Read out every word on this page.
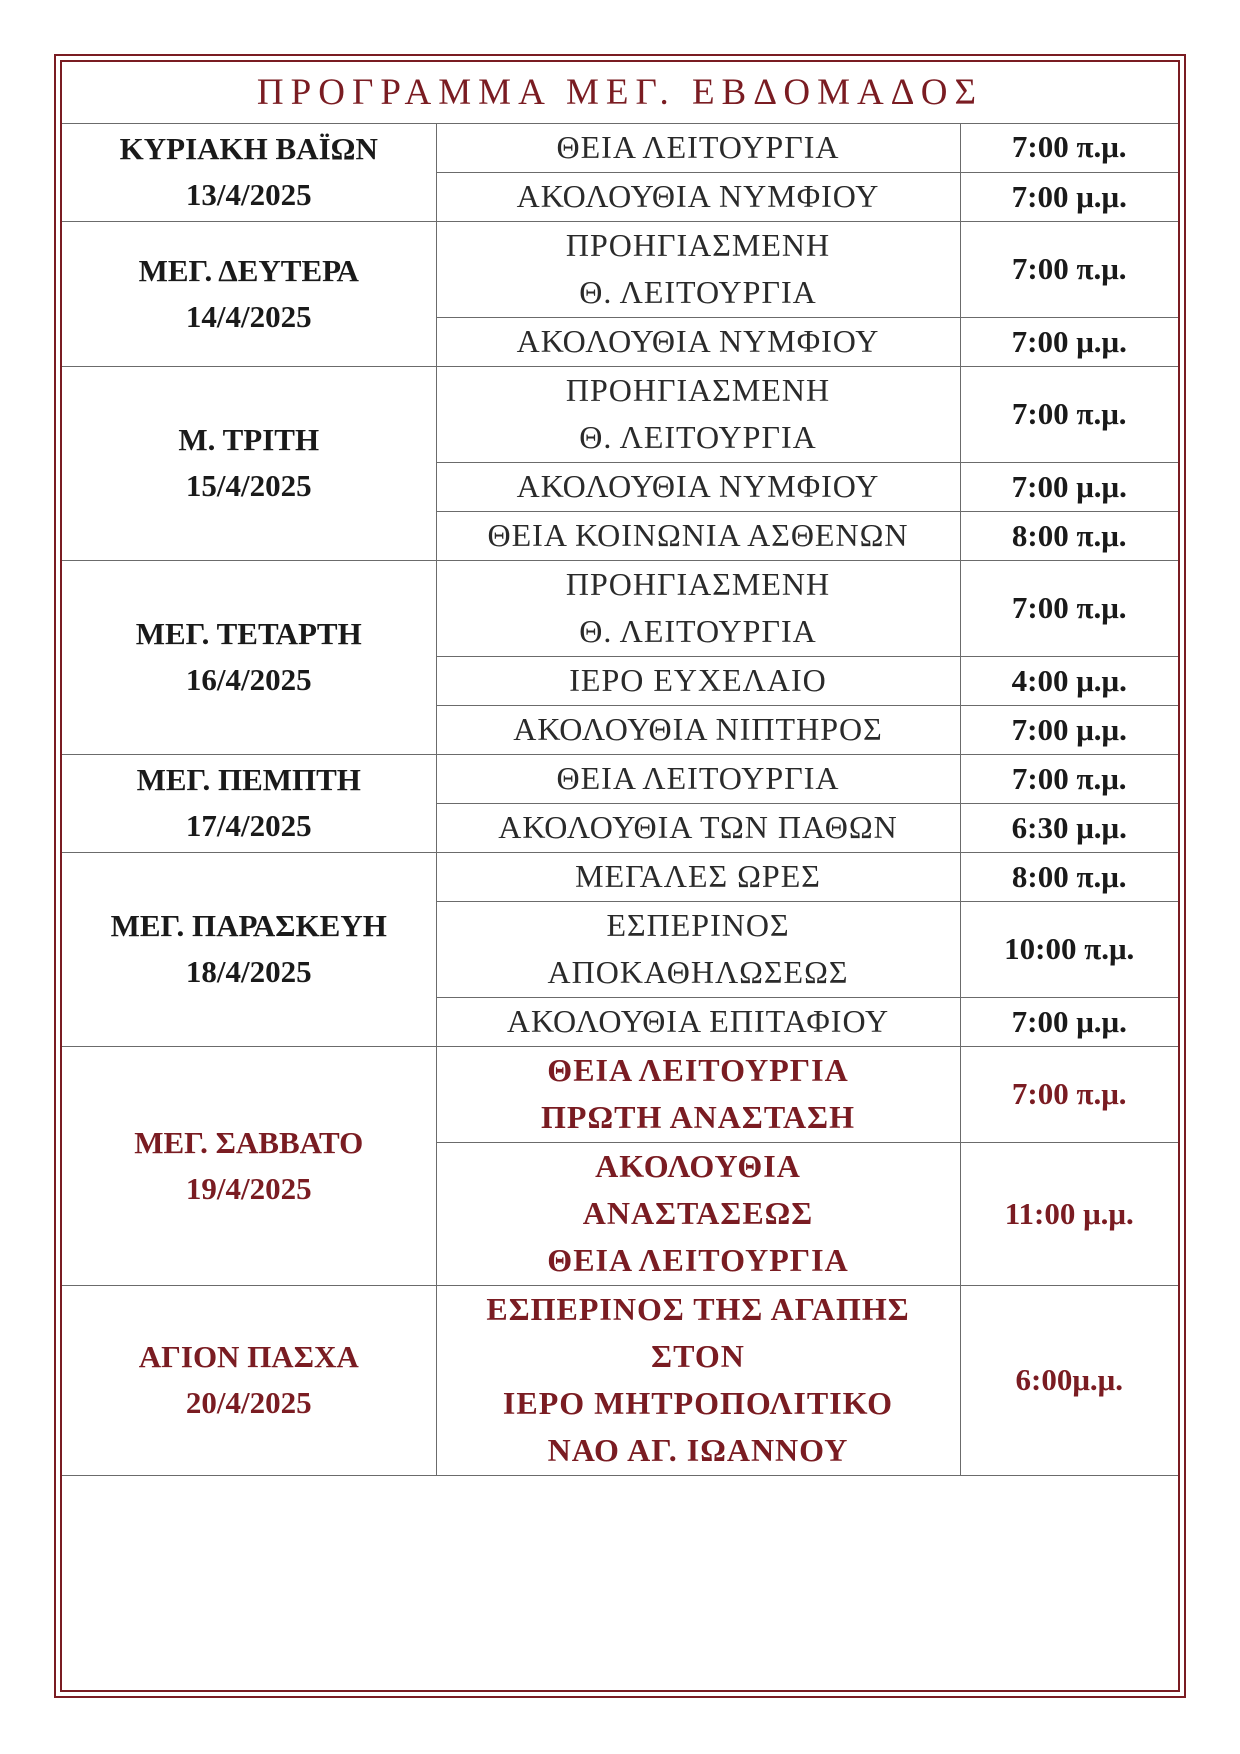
ΠΡΟΓΡΑΜΜΑ ΜΕΓ. ΕΒΔΟΜΑΔΟΣ
ΚΥΡΙΑΚΗ ΒΑΪΩΝ
13/4/2025	ΘΕΙΑ ΛΕΙΤΟΥΡΓΙΑ	7:00 π.μ.

	ΑΚΟΛΟΥΘΙΑ ΝΥΜΦΙΟΥ	7:00 μ.μ.

ΜΕΓ. ΔΕΥΤΕΡΑ
14/4/2025	ΠΡΟΗΓΙΑΣΜΕΝΗ
Θ. ΛΕΙΤΟΥΡΓΙΑ	7:00 π.μ.

	ΑΚΟΛΟΥΘΙΑ ΝΥΜΦΙΟΥ	7:00 μ.μ.

Μ. ΤΡΙΤΗ
15/4/2025	ΠΡΟΗΓΙΑΣΜΕΝΗ
Θ. ΛΕΙΤΟΥΡΓΙΑ	7:00 π.μ.

	ΑΚΟΛΟΥΘΙΑ ΝΥΜΦΙΟΥ	7:00 μ.μ.

	ΘΕΙΑ ΚΟΙΝΩΝΙΑ ΑΣΘΕΝΩΝ	8:00 π.μ.

ΜΕΓ. ΤΕΤΑΡΤΗ
16/4/2025	ΠΡΟΗΓΙΑΣΜΕΝΗ
Θ. ΛΕΙΤΟΥΡΓΙΑ	7:00 π.μ.

	ΙΕΡΟ ΕΥΧΕΛΑΙΟ	4:00 μ.μ.

	ΑΚΟΛΟΥΘΙΑ ΝΙΠΤΗΡΟΣ	7:00 μ.μ.

ΜΕΓ. ΠΕΜΠΤΗ
17/4/2025	ΘΕΙΑ ΛΕΙΤΟΥΡΓΙΑ	7:00 π.μ.

	ΑΚΟΛΟΥΘΙΑ ΤΩΝ ΠΑΘΩΝ	6:30 μ.μ.

ΜΕΓ. ΠΑΡΑΣΚΕΥΗ
18/4/2025	ΜΕΓΑΛΕΣ ΩΡΕΣ	8:00 π.μ.

	ΕΣΠΕΡΙΝΟΣ
ΑΠΟΚΑΘΗΛΩΣΕΩΣ	10:00 π.μ.

	ΑΚΟΛΟΥΘΙΑ ΕΠΙΤΑΦΙΟΥ	7:00 μ.μ.

ΜΕΓ. ΣΑΒΒΑΤΟ
19/4/2025	ΘΕΙΑ ΛΕΙΤΟΥΡΓΙΑ
ΠΡΩΤΗ ΑΝΑΣΤΑΣΗ	7:00 π.μ.

	ΑΚΟΛΟΥΘΙΑ
ΑΝΑΣΤΑΣΕΩΣ
ΘΕΙΑ ΛΕΙΤΟΥΡΓΙΑ	11:00 μ.μ.

ΑΓΙΟΝ ΠΑΣΧΑ
20/4/2025	ΕΣΠΕΡΙΝΟΣ ΤΗΣ ΑΓΑΠΗΣ
ΣΤΟΝ
ΙΕΡΟ ΜΗΤΡΟΠΟΛΙΤΙΚΟ
ΝΑΟ ΑΓ. ΙΩΑΝΝΟΥ	6:00μ.μ.
